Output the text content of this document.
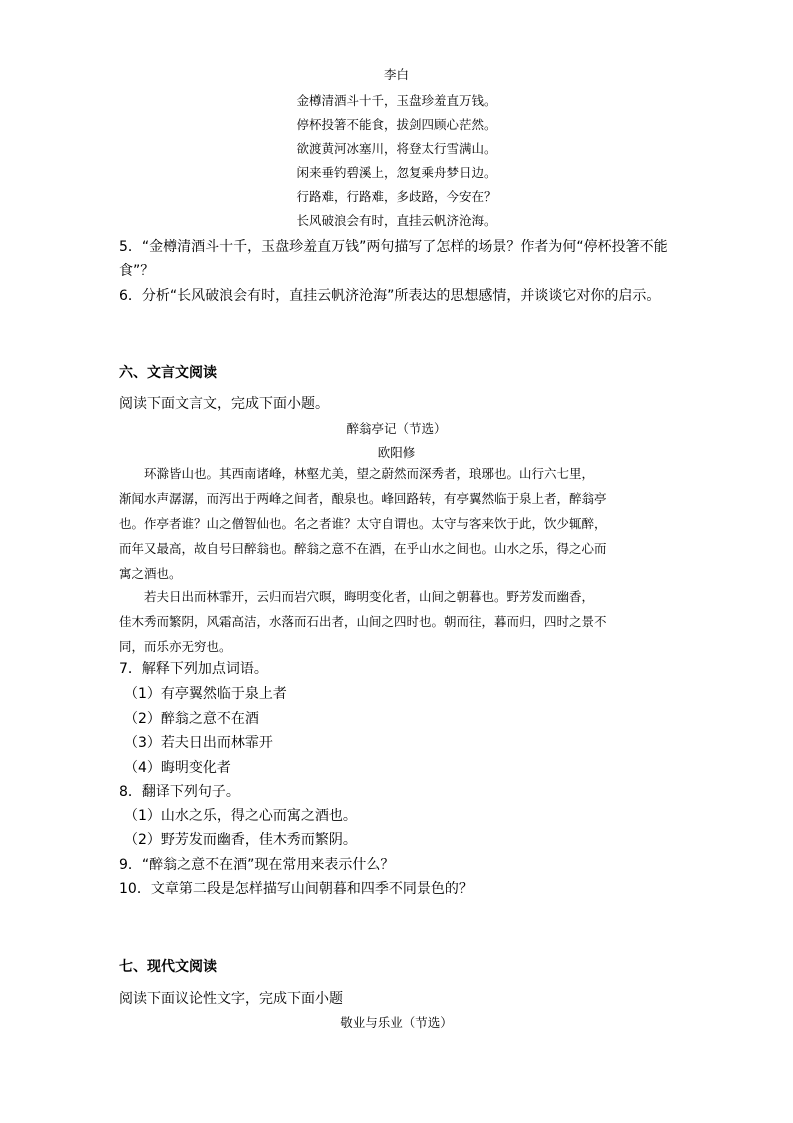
李白
金樽清酒斗十千，玉盘珍羞直万钱。
停杯投箸不能食，拔剑四顾心茫然。
欲渡黄河冰塞川，将登太行雪满山。
闲来垂钓碧溪上，忽复乘舟梦日边。
行路难，行路难，多歧路，今安在？
长风破浪会有时，直挂云帆济沧海。
5．“金樽清酒斗十千，玉盘珍羞直万钱”两句描写了怎样的场景？作者为何“停杯投箸不能
食”？
6．分析“长风破浪会有时，直挂云帆济沧海”所表达的思想感情，并谈谈它对你的启示。
六、文言文阅读
阅读下面文言文，完成下面小题。
醉翁亭记（节选）
欧阳修
　　环滁皆山也。其西南诸峰，林壑尤美，望之蔚然而深秀者，琅琊也。山行六七里，
渐闻水声潺潺，而泻出于两峰之间者，酿泉也。峰回路转，有亭翼然临于泉上者，醉翁亭
也。作亭者谁？山之僧智仙也。名之者谁？太守自谓也。太守与客来饮于此，饮少辄醉，
而年又最高，故自号曰醉翁也。醉翁之意不在酒，在乎山水之间也。山水之乐，得之心而
寓之酒也。
　　若夫日出而林霏开，云归而岩穴暝，晦明变化者，山间之朝暮也。野芳发而幽香，
佳木秀而繁阴，风霜高洁，水落而石出者，山间之四时也。朝而往，暮而归，四时之景不
同，而乐亦无穷也。
7．解释下列加点词语。
（1）有亭翼然临于泉上者
（2）醉翁之意不在酒
（3）若夫日出而林霏开
（4）晦明变化者
8．翻译下列句子。
（1）山水之乐，得之心而寓之酒也。
（2）野芳发而幽香，佳木秀而繁阴。
9．“醉翁之意不在酒”现在常用来表示什么？
10．文章第二段是怎样描写山间朝暮和四季不同景色的？
七、现代文阅读
阅读下面议论性文字，完成下面小题
敬业与乐业（节选）
